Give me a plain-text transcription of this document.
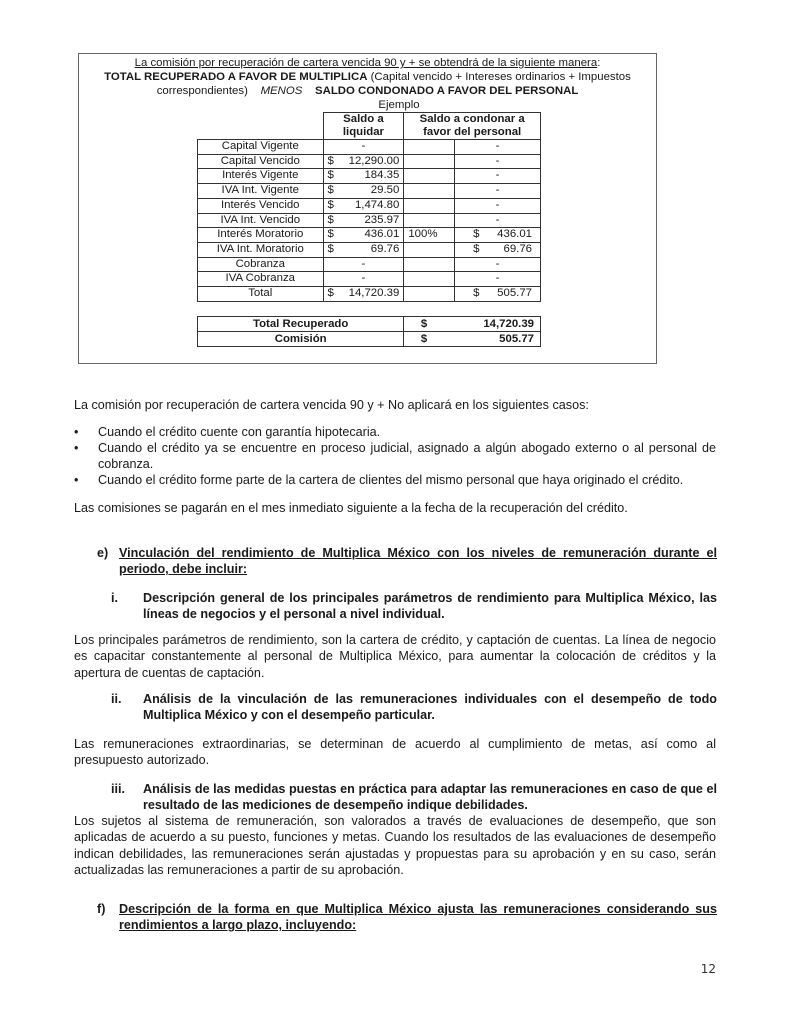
La comisión por recuperación de cartera vencida 90 y + se obtendrá de la siguiente manera:
TOTAL RECUPERADO A FAVOR DE MULTIPLICA (Capital vencido + Intereses ordinarios + Impuestos
correspondientes) MENOS SALDO CONDONADO A FAVOR DEL PERSONAL
Ejemplo
	Saldo a
liquidar	Saldo a condonar a
favor del personal	
Capital Vigente	-		-
Capital Vencido	$ 12,290.00		-
Interés Vigente	$ 184.35		-
IVA Int. Vigente	$ 29.50		-
Interés Vencido	$ 1,474.80		-
IVA Int. Vencido	$ 235.97		-
Interés Moratorio	$ 436.01	100%	$ 436.01

IVA Int. Moratorio	$ 69.76		$ 69.76

Cobranza	-		-
IVA Cobranza	-		-
Total	$ 14,720.39		$ 505.77
Total Recuperado	$	14,720.39
Comisión	$	505.77
La comisión por recuperación de cartera vencida 90 y + No aplicará en los siguientes casos:
• Cuando el crédito cuente con garantía hipotecaria.
• Cuando el crédito ya se encuentre en proceso judicial, asignado a algún abogado externo o al personal de cobranza.
• Cuando el crédito forme parte de la cartera de clientes del mismo personal que haya originado el crédito.
Las comisiones se pagarán en el mes inmediato siguiente a la fecha de la recuperación del crédito.
e) Vinculación del rendimiento de Multiplica México con los niveles de remuneración durante el periodo, debe incluir:
i. Descripción general de los principales parámetros de rendimiento para Multiplica México, las líneas de negocios y el personal a nivel individual.
Los principales parámetros de rendimiento, son la cartera de crédito, y captación de cuentas. La línea de negocio es capacitar constantemente al personal de Multiplica México, para aumentar la colocación de créditos y la apertura de cuentas de captación.
ii. Análisis de la vinculación de las remuneraciones individuales con el desempeño de todo Multiplica México y con el desempeño particular.
Las remuneraciones extraordinarias, se determinan de acuerdo al cumplimiento de metas, así como al presupuesto autorizado.
iii. Análisis de las medidas puestas en práctica para adaptar las remuneraciones en caso de que el resultado de las mediciones de desempeño indique debilidades.
Los sujetos al sistema de remuneración, son valorados a través de evaluaciones de desempeño, que son aplicadas de acuerdo a su puesto, funciones y metas. Cuando los resultados de las evaluaciones de desempeño indican debilidades, las remuneraciones serán ajustadas y propuestas para su aprobación y en su caso, serán actualizadas las remuneraciones a partir de su aprobación.
f) Descripción de la forma en que Multiplica México ajusta las remuneraciones considerando sus rendimientos a largo plazo, incluyendo:
12
